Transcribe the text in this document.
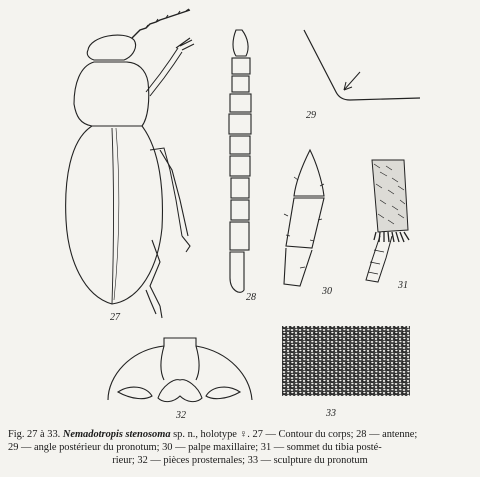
27
28
29
30
31
32	33
Fig. 27 à 33. Nemadotropis stenosoma sp. n., holotype ♀. 27 — Contour du corps; 28 — antenne;
29 — angle postérieur du pronotum; 30 — palpe maxillaire; 31 — sommet du tibia posté-
rieur; 32 — pièces prosternales; 33 — sculpture du pronotum
